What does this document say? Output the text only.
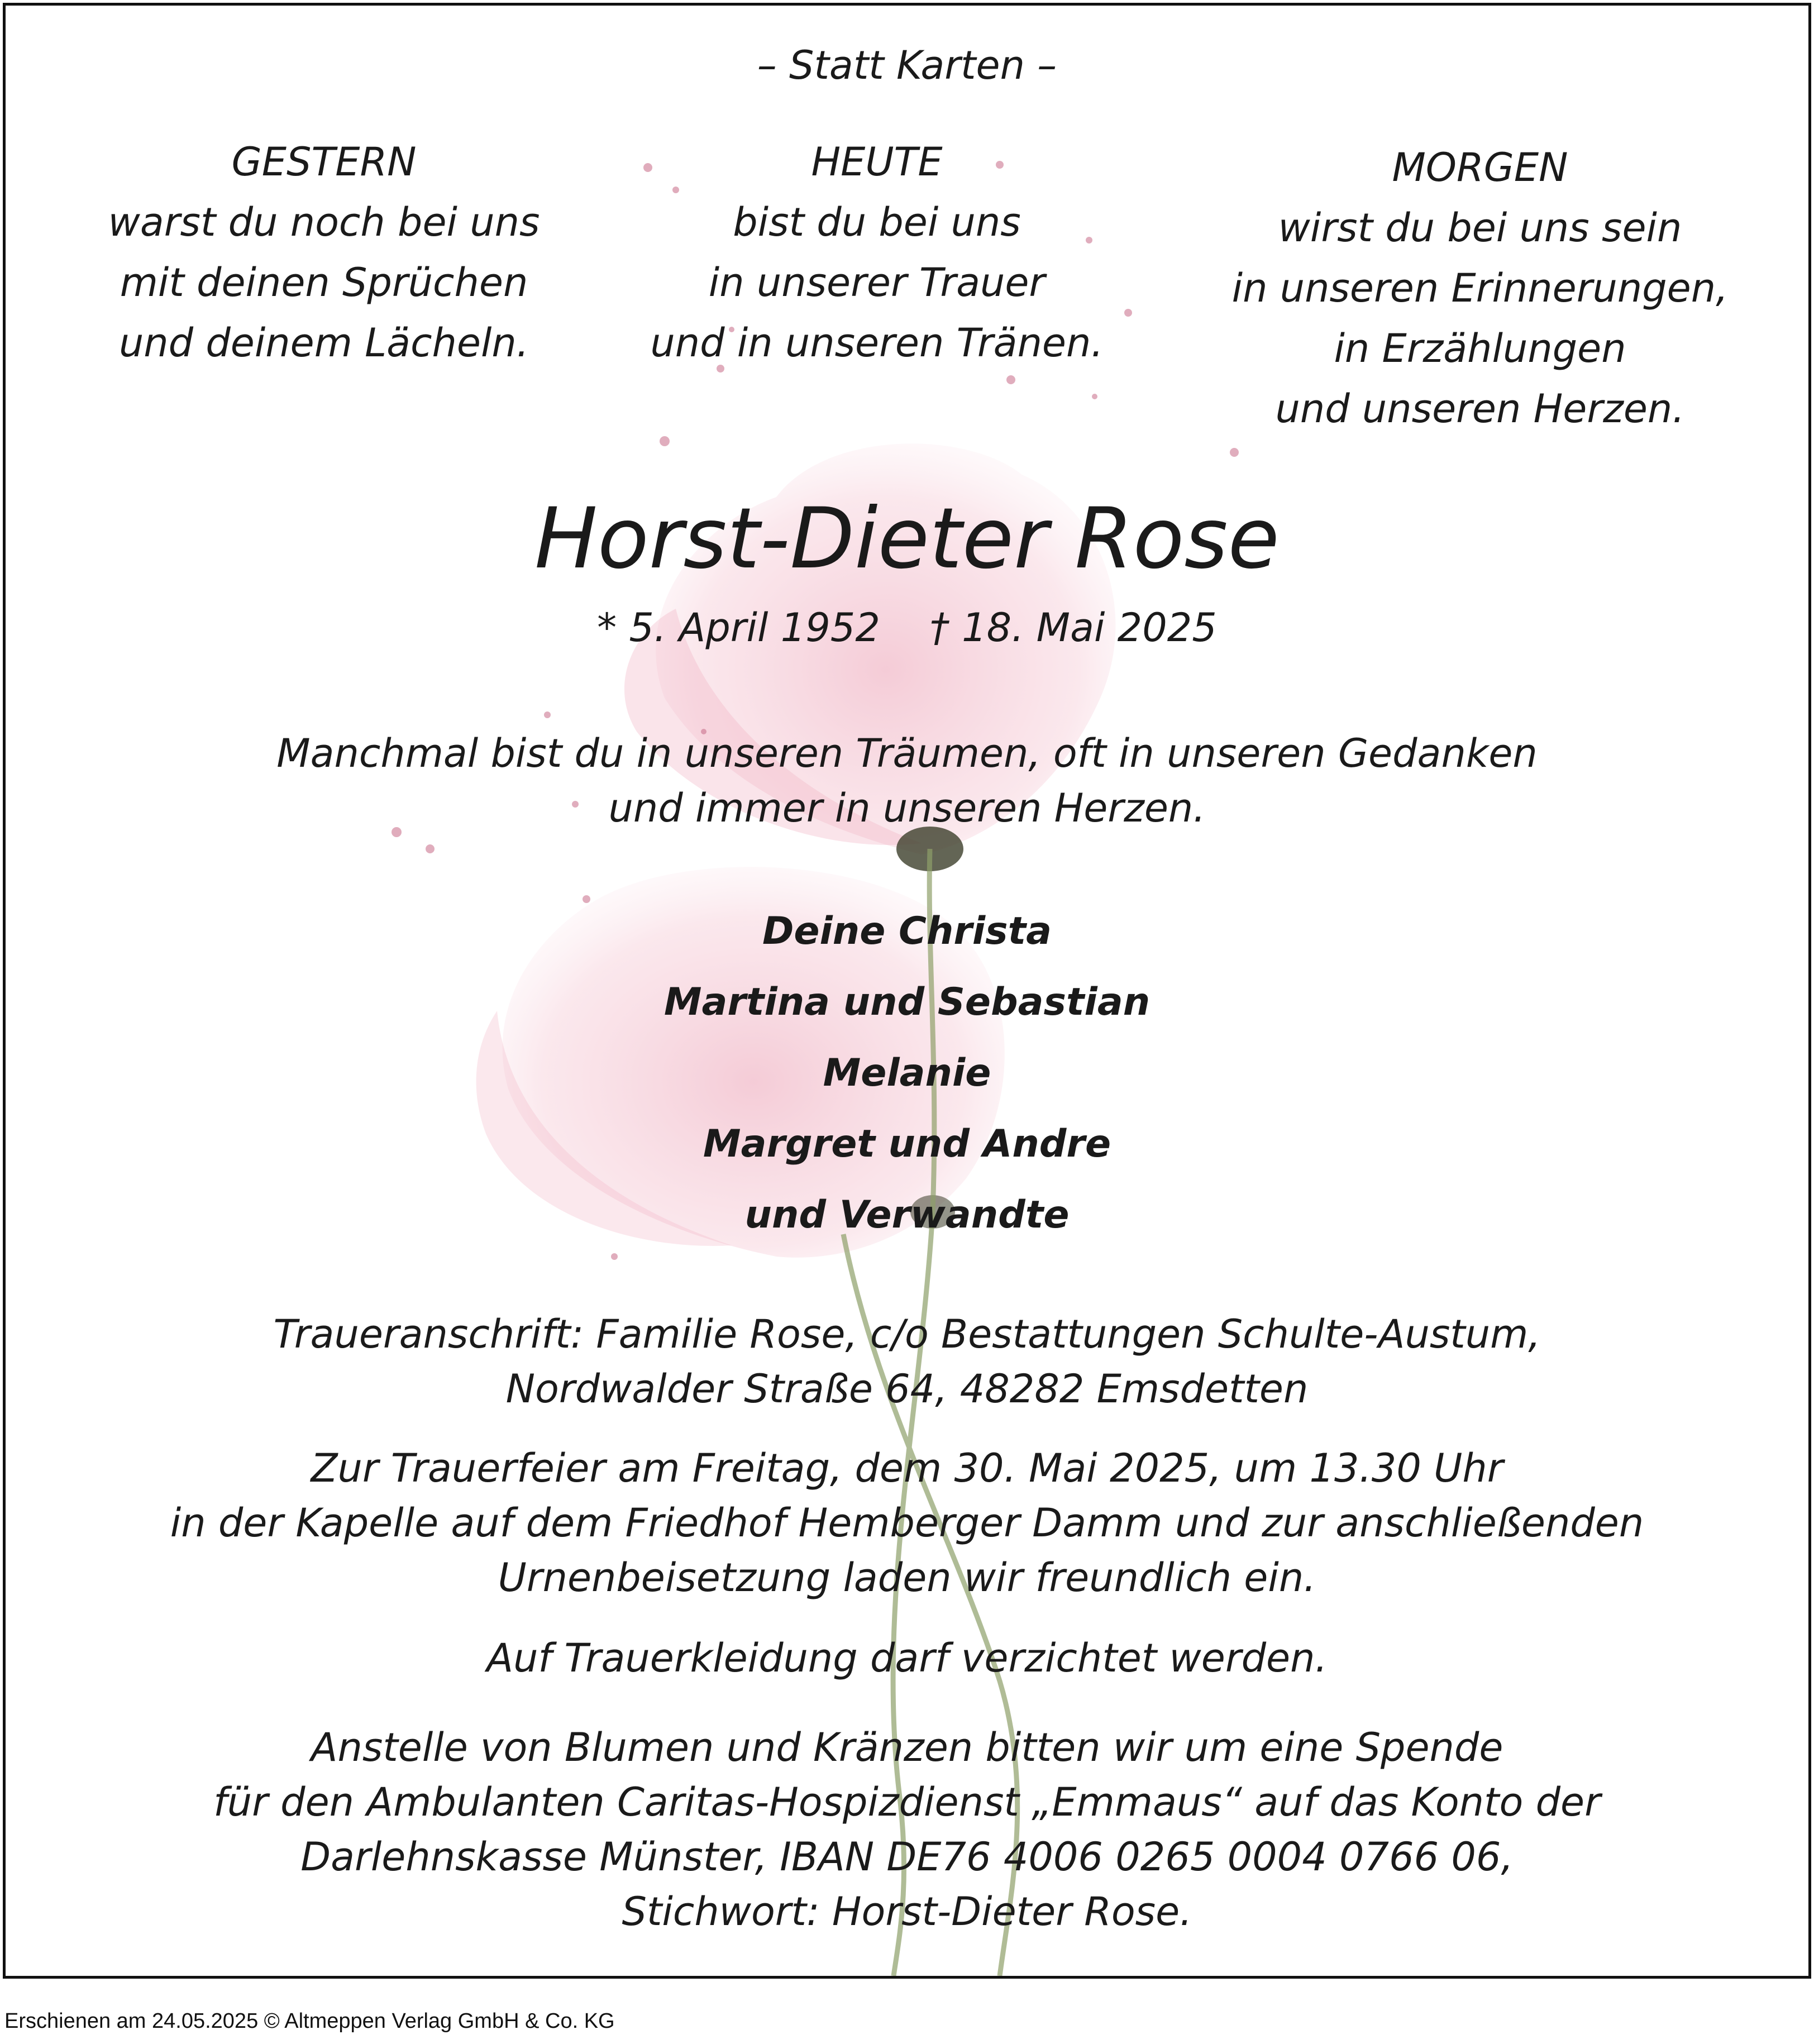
– Statt Karten –
GESTERN
warst du noch bei uns
mit deinen Sprüchen
und deinem Lächeln.
HEUTE
bist du bei uns
in unserer Trauer
und in unseren Tränen.
MORGEN
wirst du bei uns sein
in unseren Erinnerungen,
in Erzählungen
und unseren Herzen.
Horst-Dieter Rose
* 5. April 1952    † 18. Mai 2025
Manchmal bist du in unseren Träumen, oft in unseren Gedanken
und immer in unseren Herzen.
Deine Christa
Martina und Sebastian
Melanie
Margret und Andre
und Verwandte
Traueranschrift: Familie Rose, c/o Bestattungen Schulte-Austum,
Nordwalder Straße 64, 48282 Emsdetten
Zur Trauerfeier am Freitag, dem 30. Mai 2025, um 13.30 Uhr
in der Kapelle auf dem Friedhof Hemberger Damm und zur anschließenden
Urnenbeisetzung laden wir freundlich ein.
Auf Trauerkleidung darf verzichtet werden.
Anstelle von Blumen und Kränzen bitten wir um eine Spende
für den Ambulanten Caritas-Hospizdienst „Emmaus“ auf das Konto der
Darlehnskasse Münster, IBAN DE76 4006 0265 0004 0766 06,
Stichwort: Horst-Dieter Rose.
Erschienen am 24.05.2025 © Altmeppen Verlag GmbH & Co. KG
